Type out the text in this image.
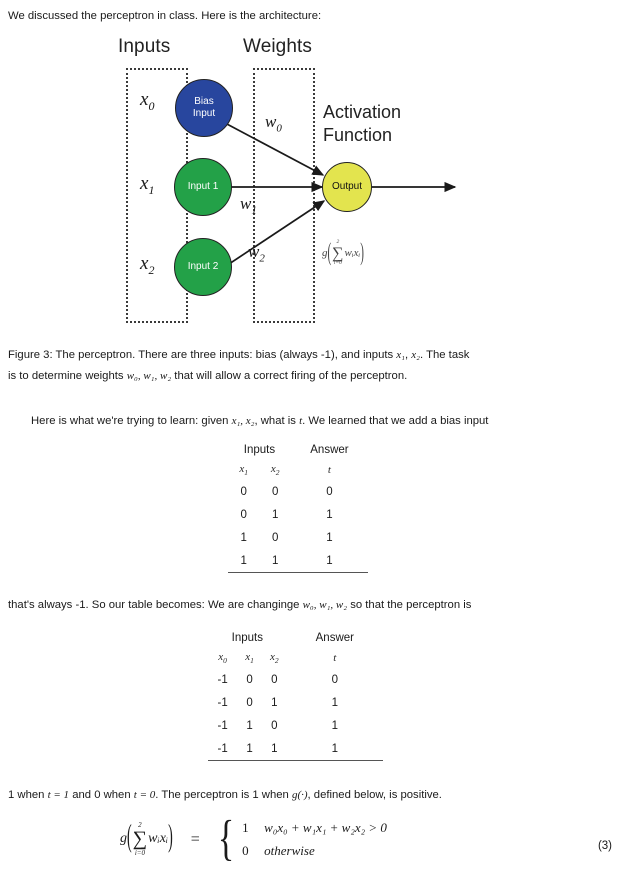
We discussed the perceptron in class. Here is the architecture:
Inputs	Weights
$x_0$
$x_1$
$x_2$
Bias
Input
Input 1
Input 2
Output
$w_0$
$w_1$
$w_2$
Activation
Function
g ( 2
∑
i=0
wᵢxᵢ )
Figure 3: The perceptron. There are three inputs: bias (always -1), and inputs x₁, x₂. The task
is to determine weights w₀, w₁, w₂ that will allow a correct firing of the perceptron.
Here is what we're trying to learn: given x₁, x₂, what is t. We learned that we add a bias input
Inputs		Answer
$x_1$	$x_2$	t
0	0	0
0	1	1
1	0	1
1	1	1
that's always -1. So our table becomes: We are changinge w₀, w₁, w₂ so that the perceptron is
Inputs			Answer
$x_0$	$x_1$	$x_2$	t
-1	0	0	0
-1	0	1	1
-1	1	0	1
-1	1	1	1
1 when t = 1 and 0 when t = 0. The perceptron is 1 when g(·), defined below, is positive.
g ( 2
∑
i=0
wᵢxᵢ ) = { 1	w₀x₀ + w₁x₁ + w₂x₂ > 0
0	otherwise	(3)
